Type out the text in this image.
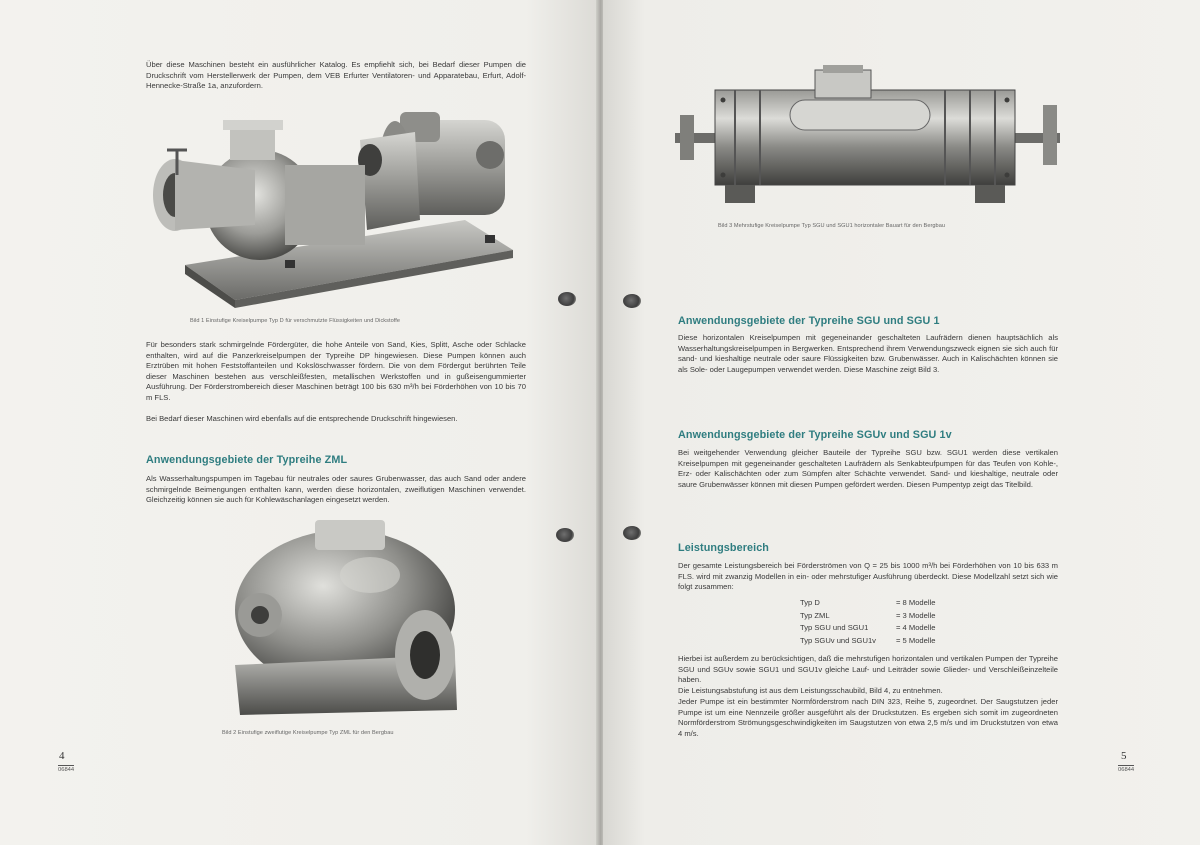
Über diese Maschinen besteht ein ausführlicher Katalog. Es empfiehlt sich, bei Bedarf dieser Pumpen die Druckschrift vom Herstellerwerk der Pumpen, dem VEB Erfurter Ventilatoren- und Apparatebau, Erfurt, Adolf-Hennecke-Straße 1a, anzufordern.
Bild 1 Einstufige Kreiselpumpe Typ D für verschmutzte Flüssigkeiten und Dickstoffe
Für besonders stark schmirgelnde Fördergüter, die hohe Anteile von Sand, Kies, Splitt, Asche oder Schlacke enthalten, wird auf die Panzerkreiselpumpen der Typreihe DP hingewiesen. Diese Pumpen können auch Erztrüben mit hohen Feststoffanteilen und Kokslöschwasser fördern. Die von dem Fördergut berührten Teile dieser Maschinen bestehen aus verschleißfesten, metallischen Werkstoffen und in gußeisengummierter Ausführung. Der Förderstrombereich dieser Maschinen beträgt 100 bis 630 m³/h bei Förderhöhen von 10 bis 70 m FLS.
Bei Bedarf dieser Maschinen wird ebenfalls auf die entsprechende Druckschrift hingewiesen.
Anwendungsgebiete der Typreihe ZML
Als Wasserhaltungspumpen im Tagebau für neutrales oder saures Grubenwasser, das auch Sand oder andere schmirgelnde Beimengungen enthalten kann, werden diese horizontalen, zweiflutigen Maschinen verwendet. Gleichzeitig können sie auch für Kohlewäschanlagen eingesetzt werden.
Bild 2 Einstufige zweiflutige Kreiselpumpe Typ ZML für den Bergbau
4
06844
Bild 3 Mehrstufige Kreiselpumpe Typ SGU und SGU1 horizontaler Bauart für den Bergbau
Anwendungsgebiete der Typreihe SGU und SGU 1
Diese horizontalen Kreiselpumpen mit gegeneinander geschalteten Laufrädern dienen hauptsächlich als Wasserhaltungskreiselpumpen in Bergwerken. Entsprechend ihrem Verwendungszweck eignen sie sich auch für sand- und kieshaltige neutrale oder saure Flüssigkeiten bzw. Grubenwässer. Auch in Kalischächten können sie als Sole- oder Laugepumpen verwendet werden. Diese Maschine zeigt Bild 3.
Anwendungsgebiete der Typreihe SGUv und SGU 1v
Bei weitgehender Verwendung gleicher Bauteile der Typreihe SGU bzw. SGU1 werden diese vertikalen Kreiselpumpen mit gegeneinander geschalteten Laufrädern als Senkabteufpumpen für das Teufen von Kohle-, Erz- oder Kalischächten oder zum Sümpfen alter Schächte verwendet. Sand- und kieshaltige, neutrale oder saure Grubenwässer können mit diesen Pumpen gefördert werden. Diesen Pumpentyp zeigt das Titelbild.
Leistungsbereich
Der gesamte Leistungsbereich bei Förderströmen von Q = 25 bis 1000 m³/h bei Förderhöhen von 10 bis 633 m FLS. wird mit zwanzig Modellen in ein- oder mehrstufiger Ausführung überdeckt. Diese Modellzahl setzt sich wie folgt zusammen:
Typ D	= 8 Modelle
Typ ZML	= 3 Modelle
Typ SGU und SGU1	= 4 Modelle
Typ SGUv und SGU1v	= 5 Modelle
Hierbei ist außerdem zu berücksichtigen, daß die mehrstufigen horizontalen und vertikalen Pumpen der Typreihe SGU und SGUv sowie SGU1 und SGU1v gleiche Lauf- und Leiträder sowie Glieder- und Verschleißeinzelteile haben.
Die Leistungsabstufung ist aus dem Leistungsschaubild, Bild 4, zu entnehmen.
Jeder Pumpe ist ein bestimmter Normförderstrom nach DIN 323, Reihe 5, zugeordnet. Der Saugstutzen jeder Pumpe ist um eine Nennzeile größer ausgeführt als der Druckstutzen. Es ergeben sich somit im zugeordneten Normförderstrom Strömungsgeschwindigkeiten im Saugstutzen von etwa 2,5 m/s und im Druckstutzen von etwa 4 m/s.
5
06844
